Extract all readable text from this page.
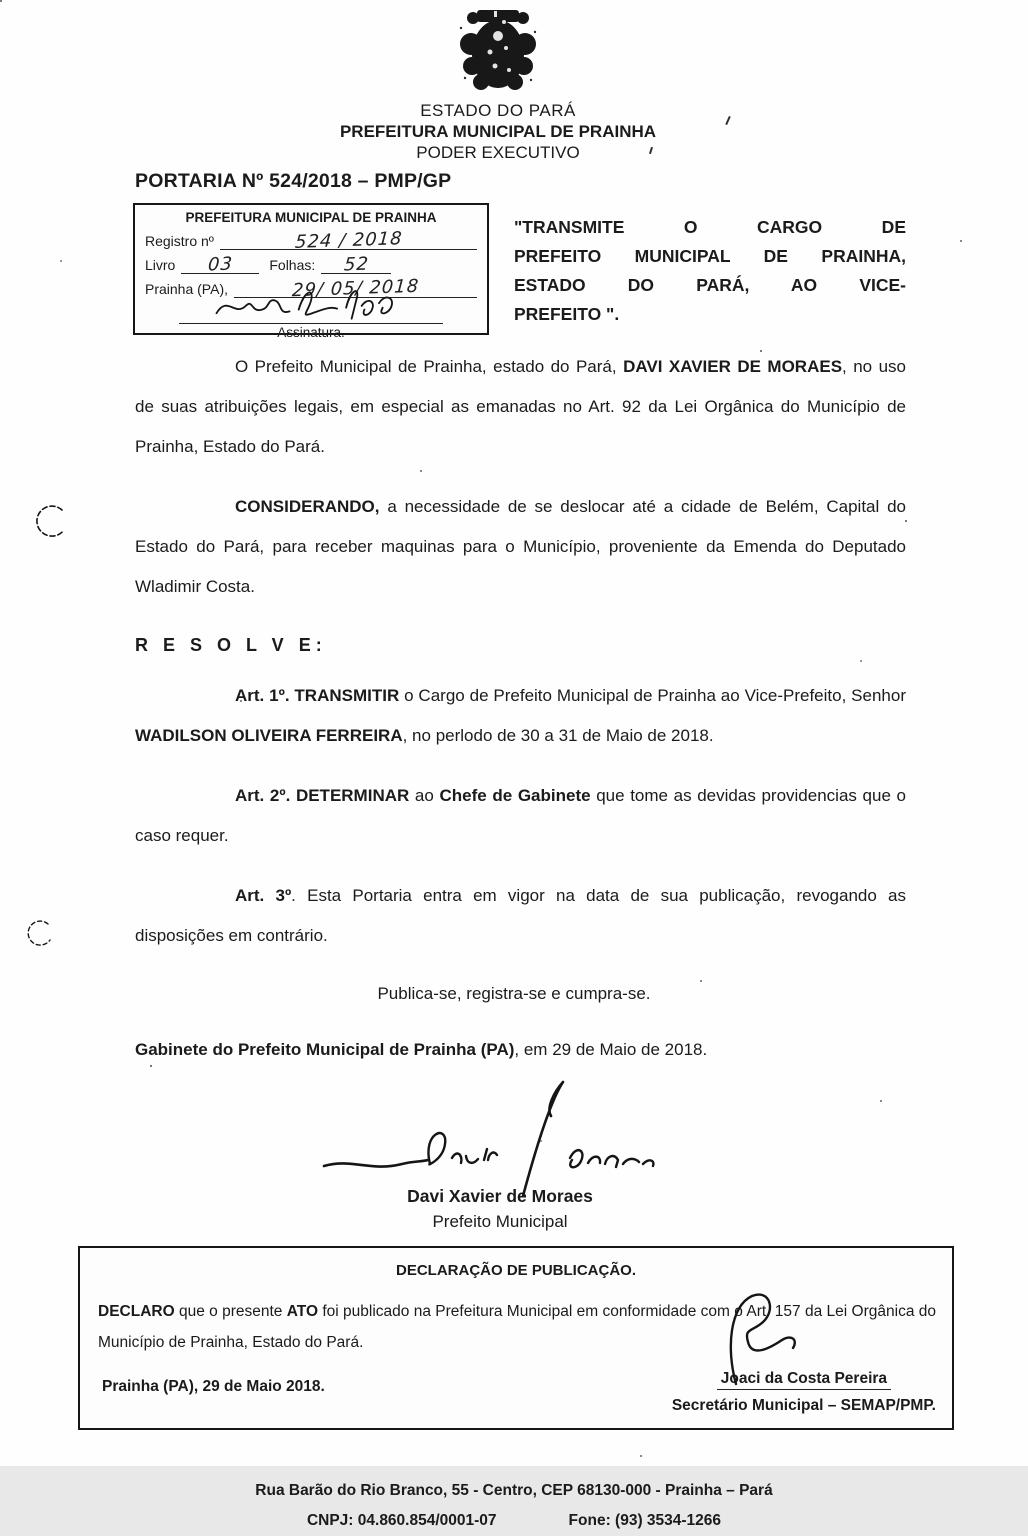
ESTADO DO PARÁ
PREFEITURA MUNICIPAL DE PRAINHA
PODER EXECUTIVO
PORTARIA Nº 524/2018 – PMP/GP
PREFEITURA MUNICIPAL DE PRAINHA
Registro nº	524 / 2018
Livro	03	Folhas:	52
Prainha (PA),	29/ 05/ 2018
Assinatura.
"TRANSMITE O CARGO DE
PREFEITO MUNICIPAL DE PRAINHA,
ESTADO DO PARÁ, AO VICE-
PREFEITO ".

O Prefeito Municipal de Prainha, estado do Pará, DAVI XAVIER DE MORAES, no uso de suas atribuições legais, em especial as emanadas no Art. 92 da Lei Orgânica do Município de Prainha, Estado do Pará.

CONSIDERANDO, a necessidade de se deslocar até a cidade de Belém, Capital do Estado do Pará, para receber maquinas para o Município, proveniente da Emenda do Deputado Wladimir Costa.

R E S O L V E:

Art. 1º. TRANSMITIR o Cargo de Prefeito Municipal de Prainha ao Vice-Prefeito, Senhor WADILSON OLIVEIRA FERREIRA, no perlodo de 30 a 31 de Maio de 2018.

Art. 2º. DETERMINAR ao Chefe de Gabinete que tome as devidas providencias que o caso requer.

Art. 3º. Esta Portaria entra em vigor na data de sua publicação, revogando as disposições em contrário.

Publica-se, registra-se e cumpra-se.

Gabinete do Prefeito Municipal de Prainha (PA), em 29 de Maio de 2018.

Davi Xavier de Moraes
Prefeito Municipal
DECLARAÇÃO DE PUBLICAÇÃO.
DECLARO que o presente ATO foi publicado na Prefeitura Municipal em conformidade com o Art. 157 da Lei Orgânica do Município de Prainha, Estado do Pará.
Prainha (PA), 29 de Maio 2018.	Joaci da Costa Pereira
Secretário Municipal – SEMAP/PMP.
Rua Barão do Rio Branco, 55 - Centro, CEP 68130-000 - Prainha – Pará
CNPJ: 04.860.854/0001-07	Fone: (93) 3534-1266
